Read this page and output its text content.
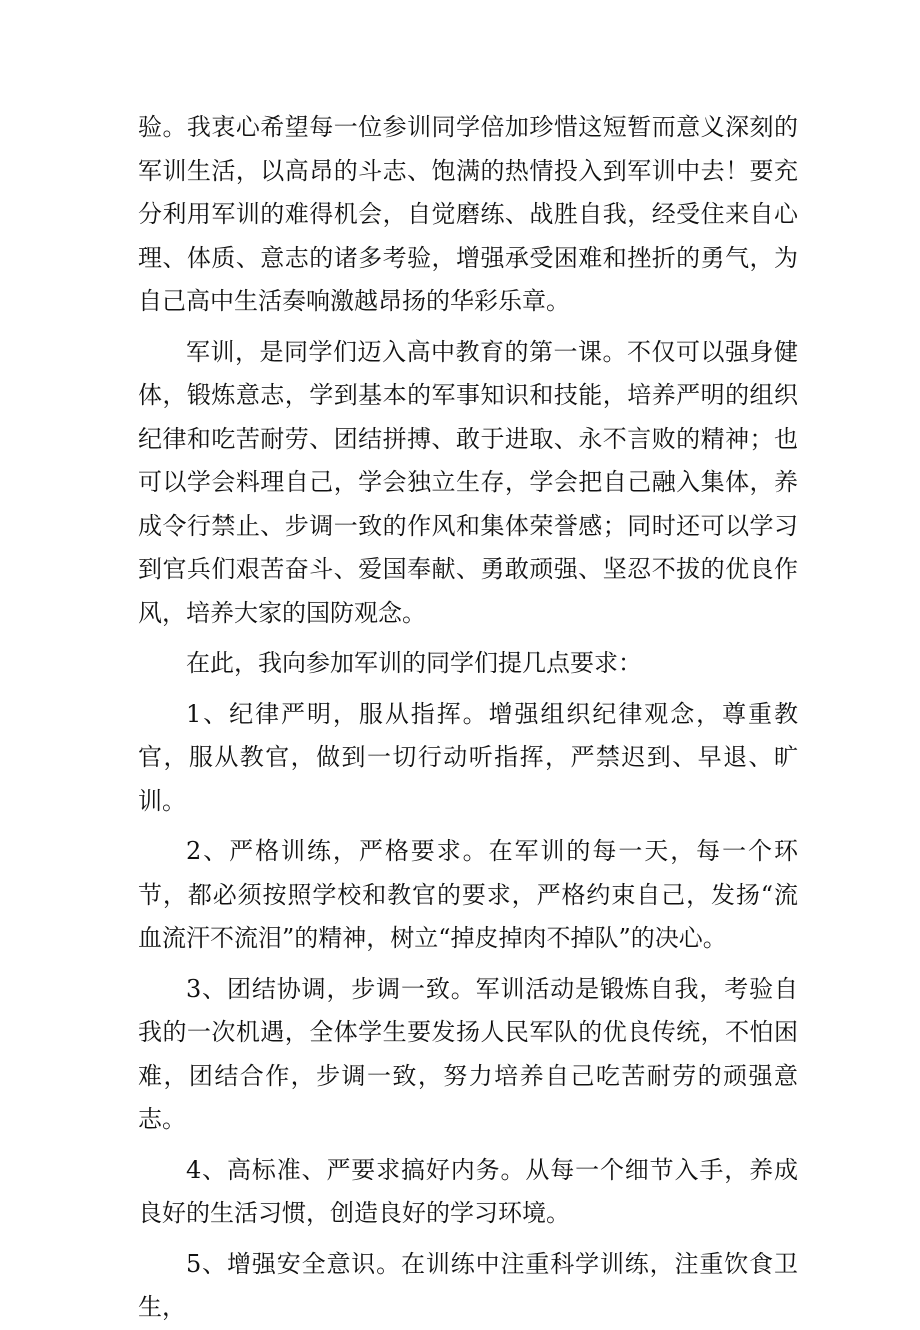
验。我衷心希望每一位参训同学倍加珍惜这短暂而意义深刻的军训生活，以高昂的斗志、饱满的热情投入到军训中去！要充分利用军训的难得机会，自觉磨练、战胜自我，经受住来自心理、体质、意志的诸多考验，增强承受困难和挫折的勇气，为自己高中生活奏响激越昂扬的华彩乐章。

军训，是同学们迈入高中教育的第一课。不仅可以强身健体，锻炼意志，学到基本的军事知识和技能，培养严明的组织纪律和吃苦耐劳、团结拼搏、敢于进取、永不言败的精神；也可以学会料理自己，学会独立生存，学会把自己融入集体，养成令行禁止、步调一致的作风和集体荣誉感；同时还可以学习到官兵们艰苦奋斗、爱国奉献、勇敢顽强、坚忍不拔的优良作风，培养大家的国防观念。

在此，我向参加军训的同学们提几点要求：

1、纪律严明，服从指挥。增强组织纪律观念，尊重教官，服从教官，做到一切行动听指挥，严禁迟到、早退、旷训。

2、严格训练，严格要求。在军训的每一天，每一个环节，都必须按照学校和教官的要求，严格约束自己，发扬“流血流汗不流泪”的精神，树立“掉皮掉肉不掉队”的决心。

3、团结协调，步调一致。军训活动是锻炼自我，考验自我的一次机遇，全体学生要发扬人民军队的优良传统，不怕困难，团结合作，步调一致，努力培养自己吃苦耐劳的顽强意志。

4、高标准、严要求搞好内务。从每一个细节入手，养成良好的生活习惯，创造良好的学习环境。

5、增强安全意识。在训练中注重科学训练，注重饮食卫生，
